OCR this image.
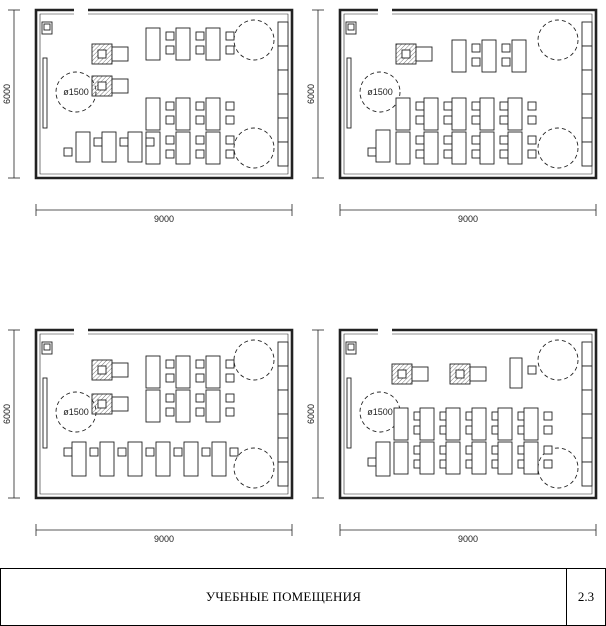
ø1500
9000
6000	ø1500
9000
6000
ø1500
9000
6000	ø1500
9000
6000
УЧЕБНЫЕ ПОМЕЩЕНИЯ	2.3
